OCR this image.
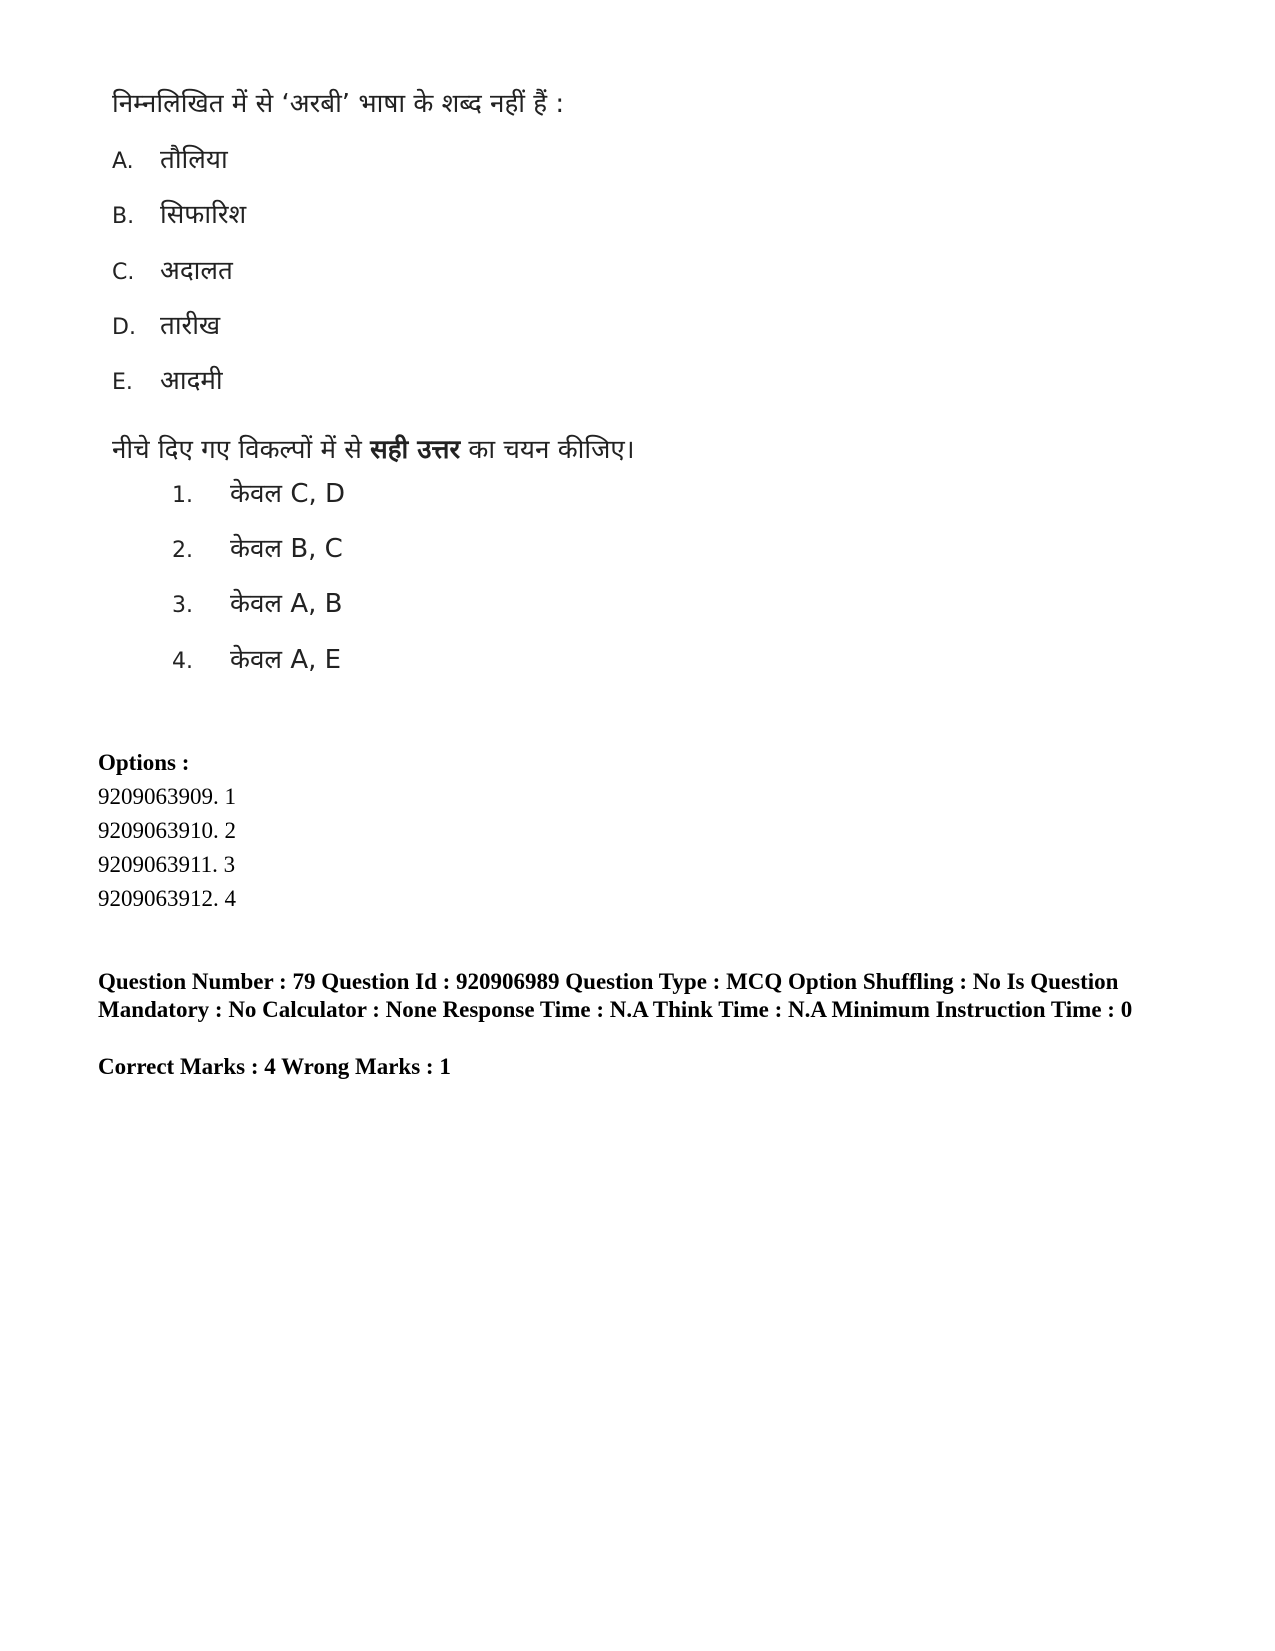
निम्नलिखित में से ‘अरबी’ भाषा के शब्द नहीं हैं :
A. तौलिया
B. सिफारिश
C. अदालत
D. तारीख
E. आदमी
नीचे दिए गए विकल्पों में से सही उत्तर का चयन कीजिए।
1. केवल C, D
2. केवल B, C
3. केवल A, B
4. केवल A, E
Options :
9209063909. 1
9209063910. 2
9209063911. 3
9209063912. 4
Question Number : 79 Question Id : 920906989 Question Type : MCQ Option Shuffling : No Is Question Mandatory : No Calculator : None Response Time : N.A Think Time : N.A Minimum Instruction Time : 0
Correct Marks : 4 Wrong Marks : 1
